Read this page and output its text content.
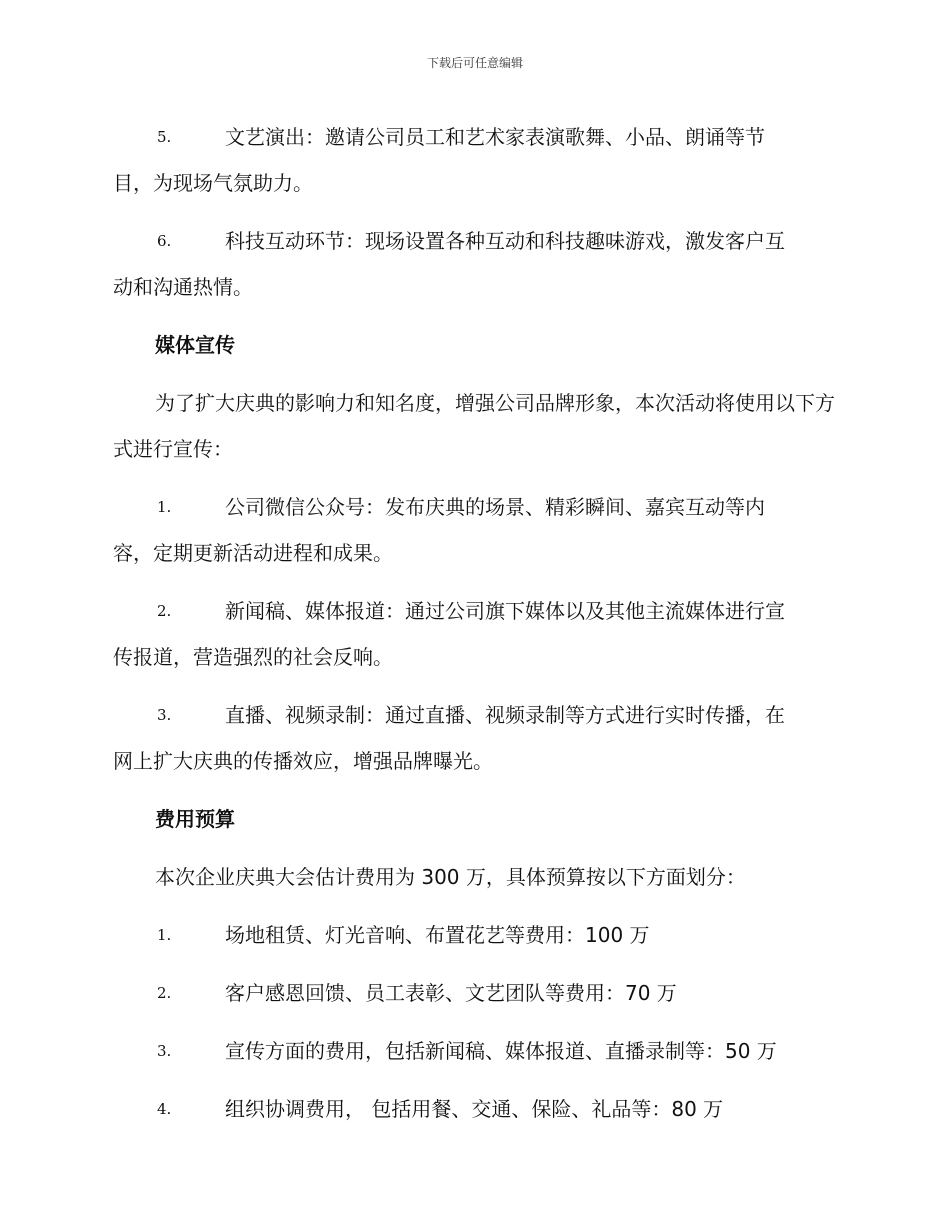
下载后可任意编辑
5.	文艺演出：邀请公司员工和艺术家表演歌舞、小品、朗诵等节
目，为现场气氛助力。
6.	科技互动环节：现场设置各种互动和科技趣味游戏，激发客户互
动和沟通热情。
媒体宣传
为了扩大庆典的影响力和知名度，增强公司品牌形象，本次活动将使用以下方式进行宣传：
1.	公司微信公众号：发布庆典的场景、精彩瞬间、嘉宾互动等内
容，定期更新活动进程和成果。
2.	新闻稿、媒体报道：通过公司旗下媒体以及其他主流媒体进行宣
传报道，营造强烈的社会反响。
3.	直播、视频录制：通过直播、视频录制等方式进行实时传播，在
网上扩大庆典的传播效应，增强品牌曝光。
费用预算
本次企业庆典大会估计费用为 300 万，具体预算按以下方面划分：
1.	场地租赁、灯光音响、布置花艺等费用：100 万
2.	客户感恩回馈、员工表彰、文艺团队等费用：70 万
3.	宣传方面的费用，包括新闻稿、媒体报道、直播录制等：50 万
4.	组织协调费用， 包括用餐、交通、保险、礼品等：80 万
